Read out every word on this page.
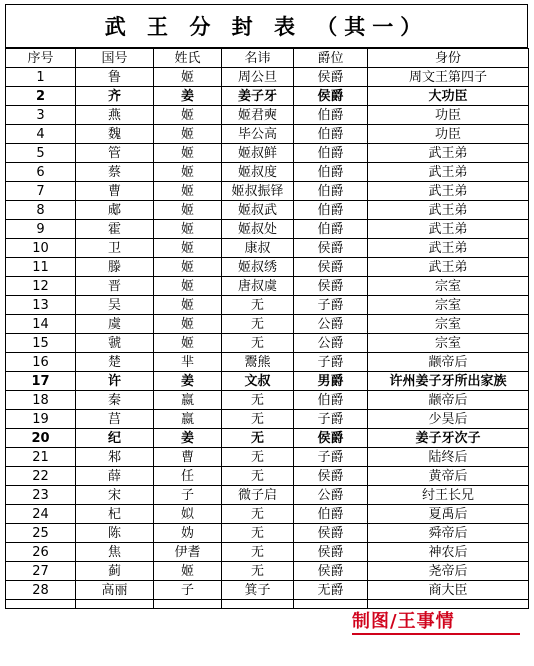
武 王 分 封 表 （其一）
序号	国号	姓氏	名讳	爵位	身份
1	鲁	姬	周公旦	侯爵	周文王第四子
2	齐	姜	姜子牙	侯爵	大功臣
3	燕	姬	姬君奭	伯爵	功臣
4	魏	姬	毕公高	伯爵	功臣
5	管	姬	姬叔鲜	伯爵	武王弟
6	蔡	姬	姬叔度	伯爵	武王弟
7	曹	姬	姬叔振铎	伯爵	武王弟
8	郕	姬	姬叔武	伯爵	武王弟
9	霍	姬	姬叔处	伯爵	武王弟
10	卫	姬	康叔	侯爵	武王弟
11	滕	姬	姬叔绣	侯爵	武王弟
12	晋	姬	唐叔虞	侯爵	宗室
13	吴	姬	无	子爵	宗室
14	虞	姬	无	公爵	宗室
15	虢	姬	无	公爵	宗室
16	楚	芈	鬻熊	子爵	颛帝后
17	许	姜	文叔	男爵	许州姜子牙所出家族
18	秦	嬴	无	伯爵	颛帝后
19	莒	嬴	无	子爵	少昊后
20	纪	姜	无	侯爵	姜子牙次子
21	邾	曹	无	子爵	陆终后
22	薛	任	无	侯爵	黄帝后
23	宋	子	微子启	公爵	纣王长兄
24	杞	姒	无	伯爵	夏禹后
25	陈	妫	无	侯爵	舜帝后
26	焦	伊耆	无	侯爵	神农后
27	蓟	姬	无	侯爵	尧帝后
28	高丽	子	箕子	无爵	商大臣

制图/王事情
